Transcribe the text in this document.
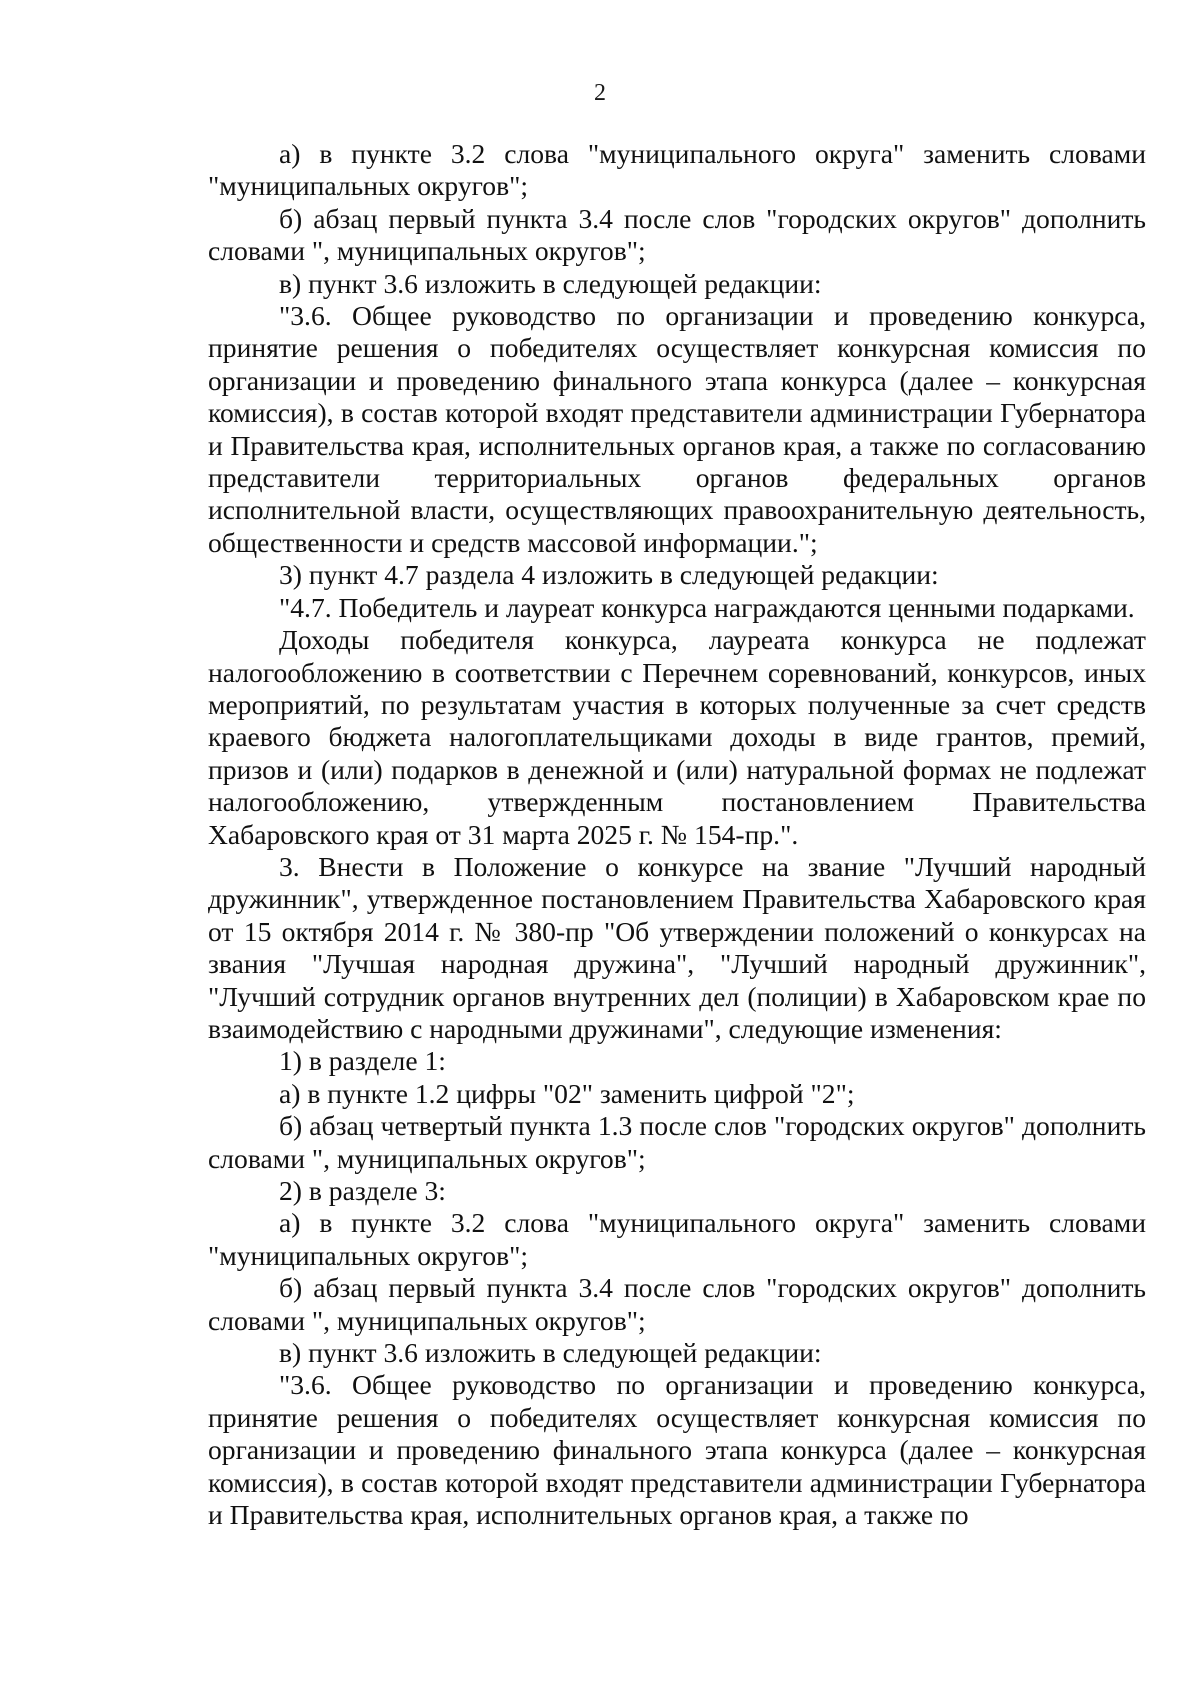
2

а) в пункте 3.2 слова "муниципального округа" заменить словами "муниципальных округов";

б) абзац первый пункта 3.4 после слов "городских округов" дополнить словами ", муниципальных округов";

в) пункт 3.6 изложить в следующей редакции:

"3.6. Общее руководство по организации и проведению конкурса, принятие решения о победителях осуществляет конкурсная комиссия по организации и проведению финального этапа конкурса (далее – конкурсная комиссия), в состав которой входят представители администрации Губернатора и Правительства края, исполнительных органов края, а также по согласованию представители территориальных органов федеральных органов исполнительной власти, осуществляющих правоохранительную деятельность, общественности и средств массовой информации.";

3) пункт 4.7 раздела 4 изложить в следующей редакции:

"4.7. Победитель и лауреат конкурса награждаются ценными подарками.

Доходы победителя конкурса, лауреата конкурса не подлежат налогообложению в соответствии с Перечнем соревнований, конкурсов, иных мероприятий, по результатам участия в которых полученные за счет средств краевого бюджета налогоплательщиками доходы в виде грантов, премий, призов и (или) подарков в денежной и (или) натуральной формах не подлежат налогообложению, утвержденным постановлением Правительства Хабаровского края от 31 марта 2025 г. № 154-пр.".

3. Внести в Положение о конкурсе на звание "Лучший народный дружинник", утвержденное постановлением Правительства Хабаровского края от 15 октября 2014 г. № 380-пр "Об утверждении положений о конкурсах на звания "Лучшая народная дружина", "Лучший народный дружинник", "Лучший сотрудник органов внутренних дел (полиции) в Хабаровском крае по взаимодействию с народными дружинами", следующие изменения:

1) в разделе 1:

а) в пункте 1.2 цифры "02" заменить цифрой "2";

б) абзац четвертый пункта 1.3 после слов "городских округов" дополнить словами ", муниципальных округов";

2) в разделе 3:

а) в пункте 3.2 слова "муниципального округа" заменить словами "муниципальных округов";

б) абзац первый пункта 3.4 после слов "городских округов" дополнить словами ", муниципальных округов";

в) пункт 3.6 изложить в следующей редакции:

"3.6. Общее руководство по организации и проведению конкурса, принятие решения о победителях осуществляет конкурсная комиссия по организации и проведению финального этапа конкурса (далее – конкурсная комиссия), в состав которой входят представители администрации Губернатора и Правительства края, исполнительных органов края, а также по
